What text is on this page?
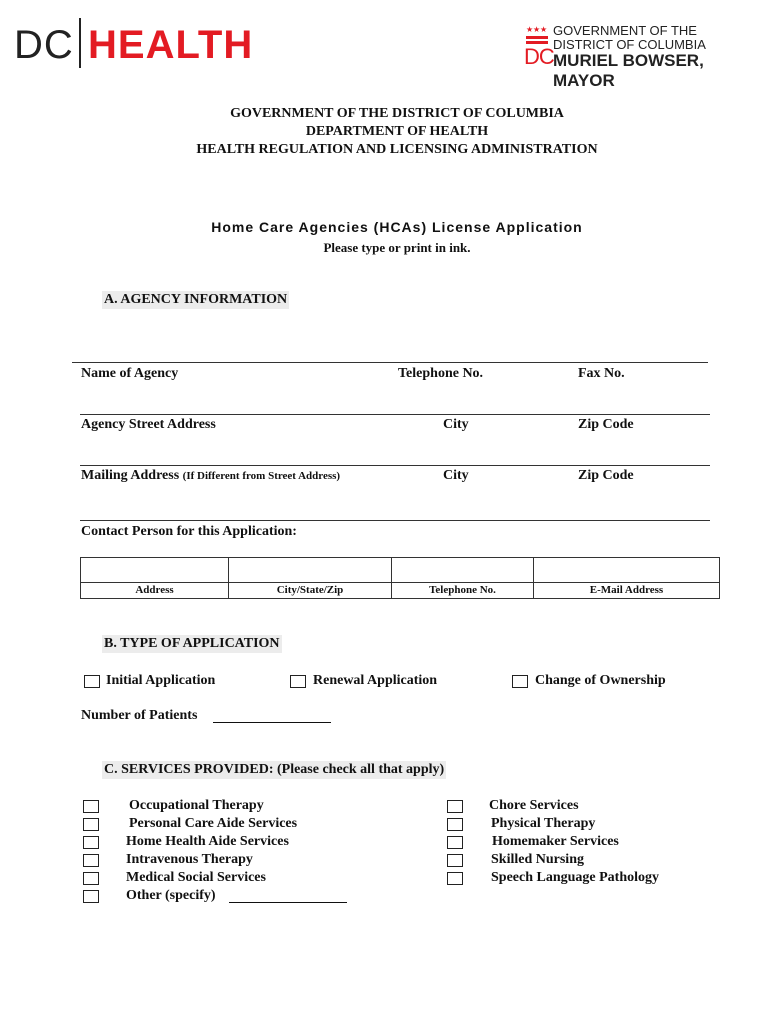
DC HEALTH	★ ★ ★
DC
GOVERNMENT OF THE
DISTRICT OF COLUMBIA
MURIEL BOWSER, MAYOR
GOVERNMENT OF THE DISTRICT OF COLUMBIA
DEPARTMENT OF HEALTH
HEALTH REGULATION AND LICENSING ADMINISTRATION
Home Care Agencies (HCAs) License Application
Please type or print in ink.
A. AGENCY INFORMATION
Name of Agency	Telephone No.	Fax No.
Agency Street Address	City	Zip Code
Mailing Address (If Different from Street Address)	City	Zip Code
Contact Person for this Application:
Address	City/State/Zip	Telephone No.	E-Mail Address
B. TYPE OF APPLICATION
Initial Application	Renewal Application	Change of Ownership
Number of Patients
C. SERVICES PROVIDED: (Please check all that apply)
Occupational Therapy
Personal Care Aide Services
Home Health Aide Services
Intravenous Therapy
Medical Social Services
Other (specify)
Chore Services
Physical Therapy
Homemaker Services
Skilled Nursing
Speech Language Pathology
